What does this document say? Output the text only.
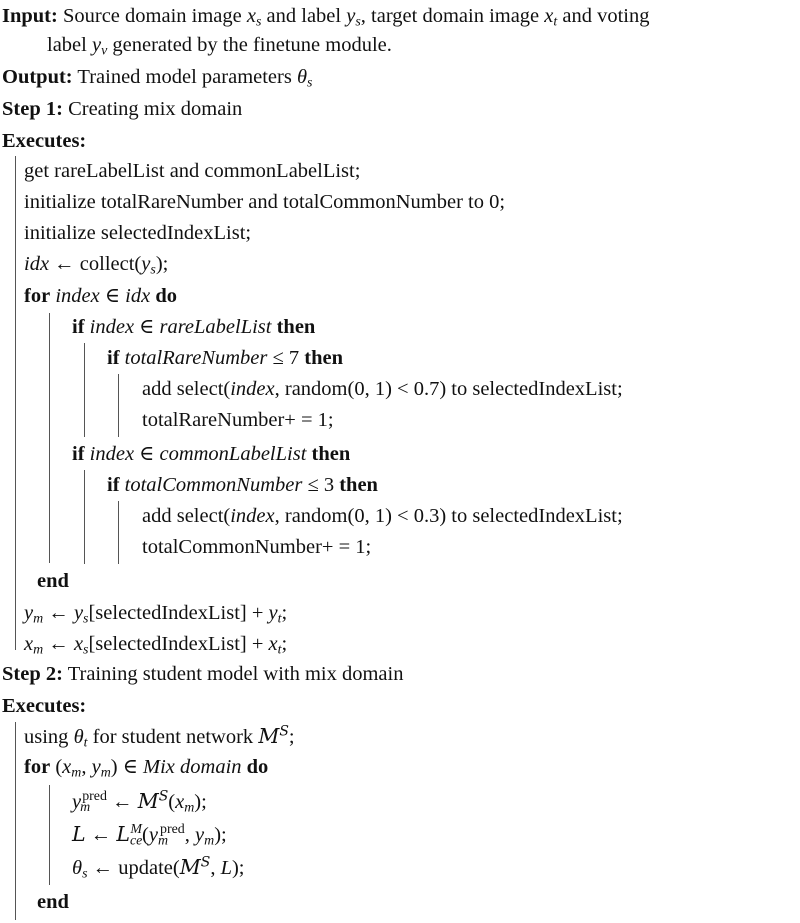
Input: Source domain image $x_s$ and label $y_s$, target domain image $x_t$ and voting
label $y_v$ generated by the finetune module.
Output: Trained model parameters $\theta_s$
Step 1: Creating mix domain
Executes:
get rareLabelList and commonLabelList;
initialize totalRareNumber and totalCommonNumber to 0;
initialize selectedIndexList;
idx ← $collect(y_s)$;
for index ∈ idx do
if index ∈ rareLabelList then
if totalRareNumber ≤ 7 then
add select(index, random(0, 1) < 0.7) to selectedIndexList;
totalRareNumber+ = 1;
if index ∈ commonLabelList then
if totalCommonNumber ≤ 3 then
add select(index, random(0, 1) < 0.3) to selectedIndexList;
totalCommonNumber+ = 1;
end
$y_m$ ← $y_s[selectedIndexList] + y_t$;
$x_m$ ← $x_s[selectedIndexList] + x_t$;
Step 2: Training student model with mix domain
Executes:
using $\theta_t$ for student network $M^S$;
for ($x_m$, $y_m$) ∈ Mix domain do
$y_m^{pred}$ ← $M^S(x_m)$;
L ← $L_{ce}^M(y_m^{pred}$, $y_m$);
$\theta_s$ ← $update(M^S$, L);
end
